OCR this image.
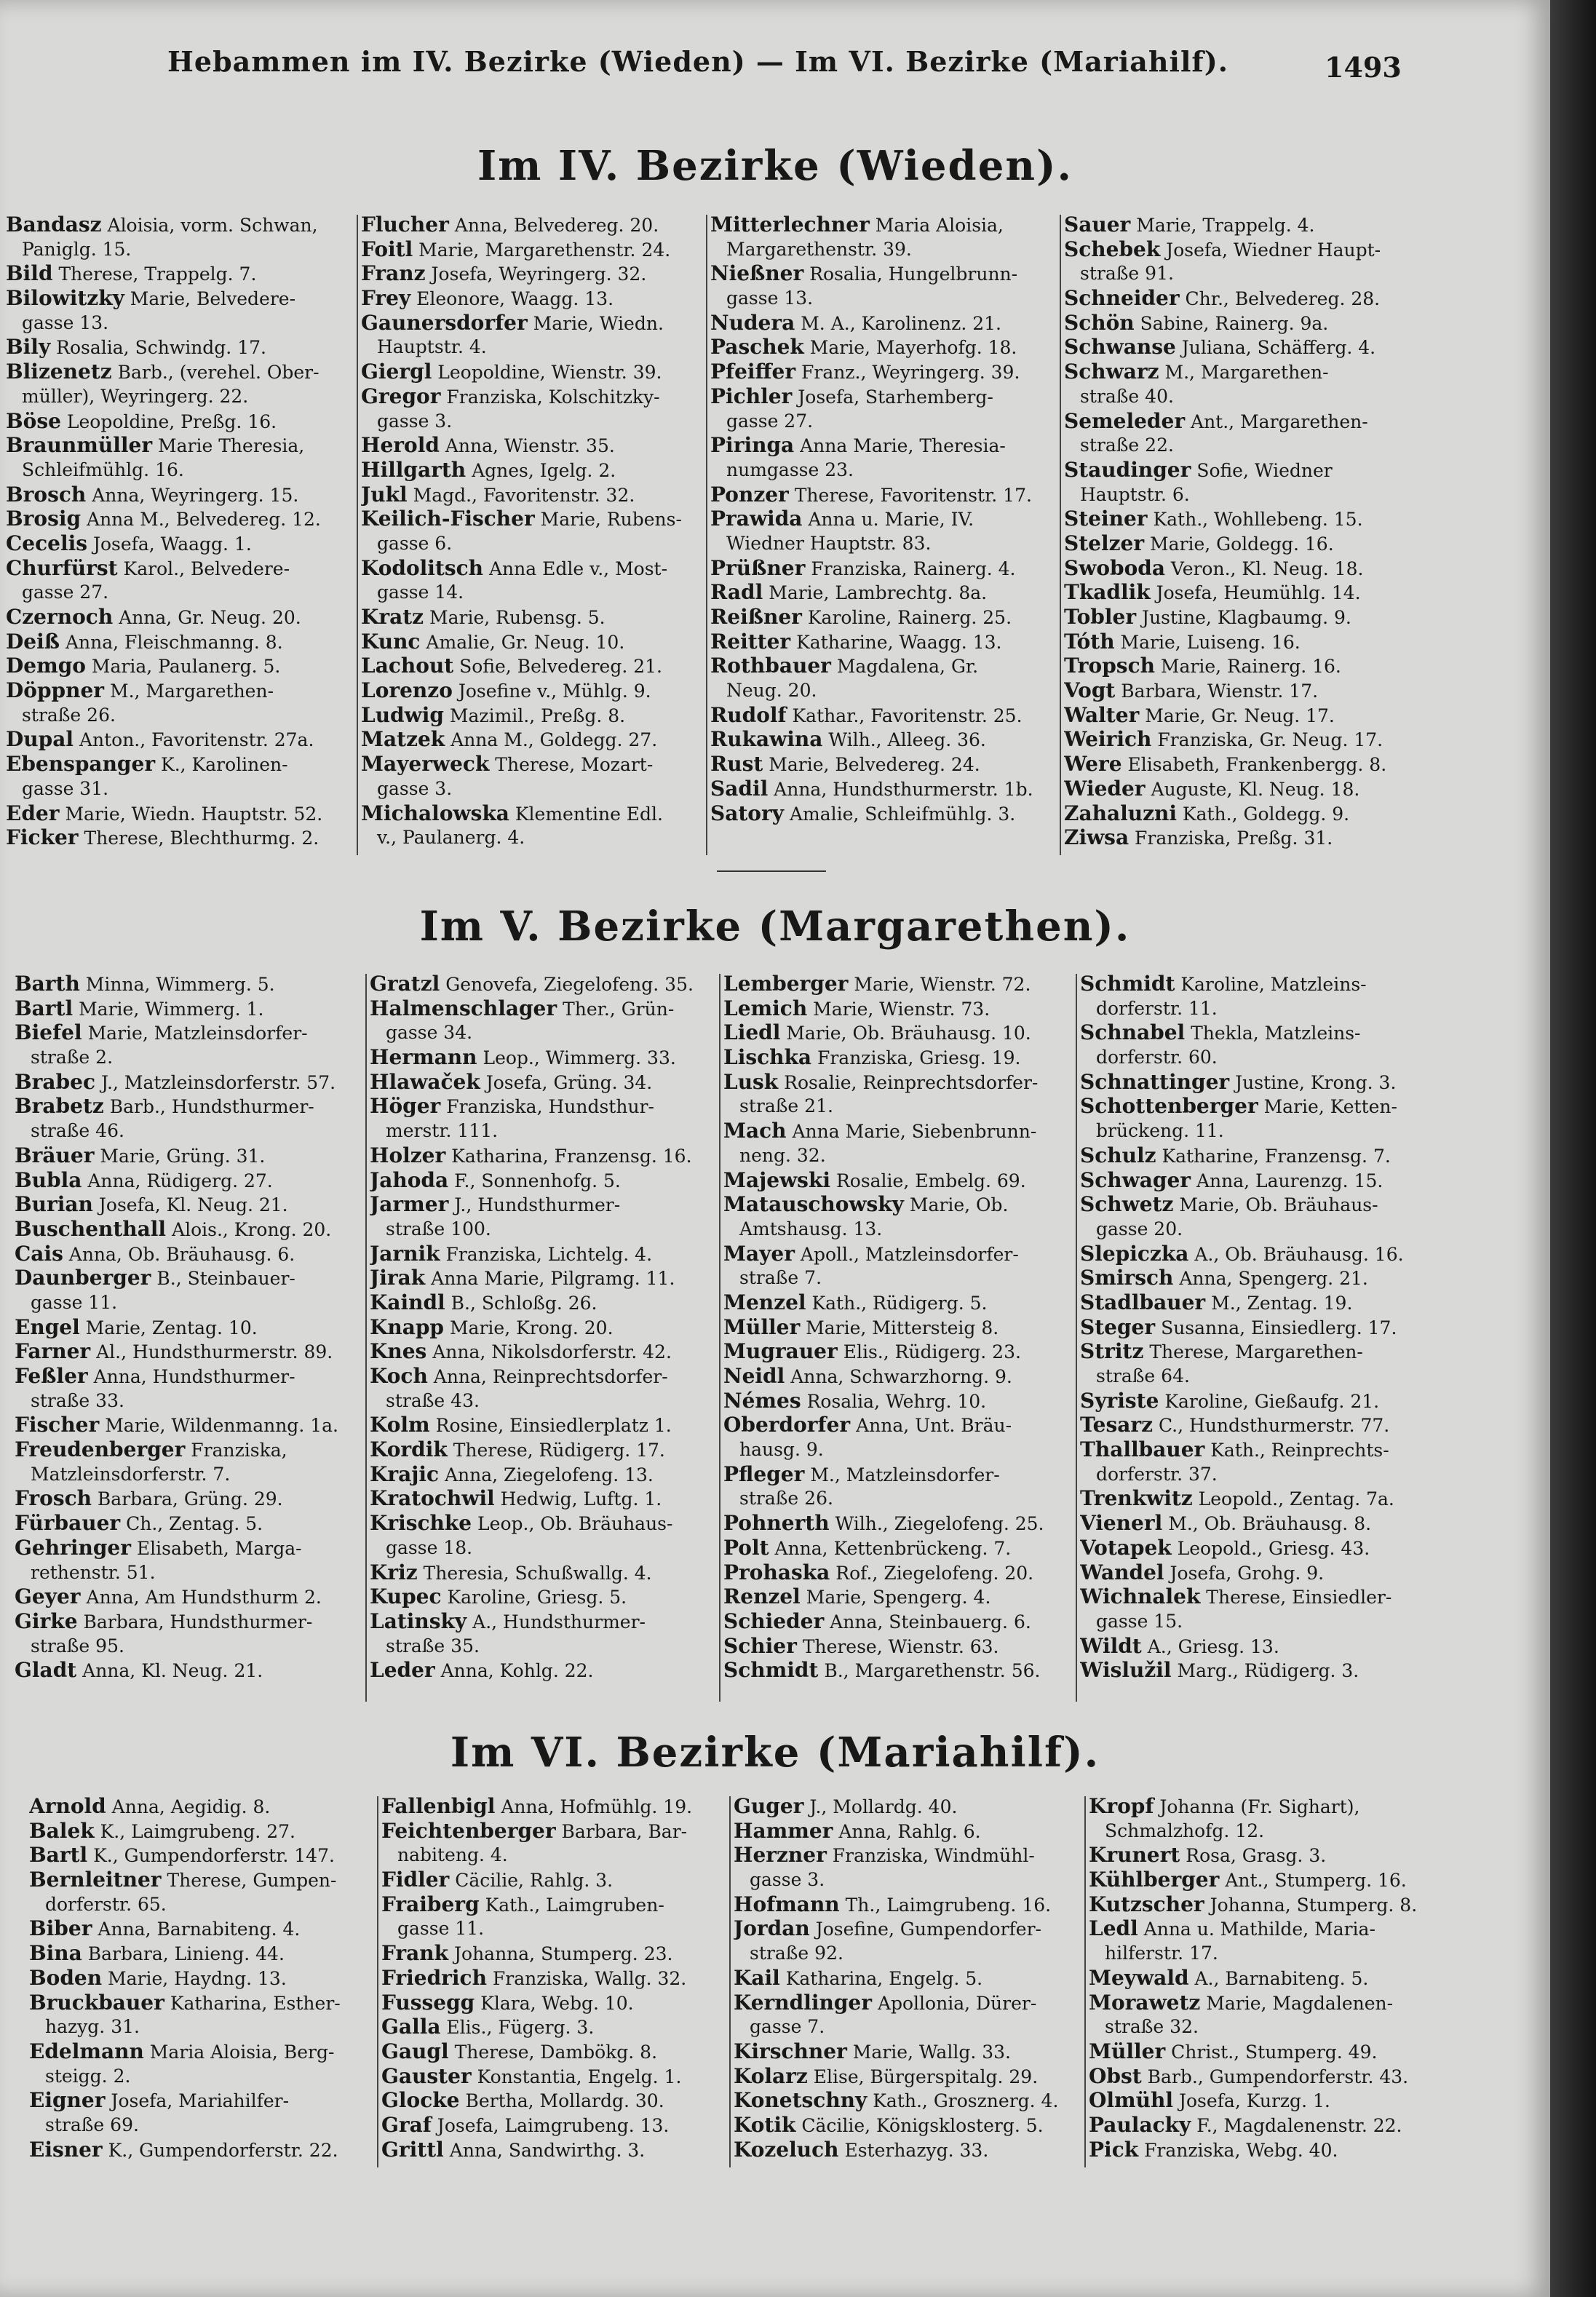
Hebammen im IV. Bezirke (Wieden) — Im VI. Bezirke (Mariahilf).	1493
Im IV. Bezirke (Wieden).
Im V. Bezirke (Margarethen).
Im VI. Bezirke (Mariahilf).
Bandasz Aloisia, vorm. Schwan,
Paniglg. 15.
Bild Therese, Trappelg. 7.
Bilowitzky Marie, Belvedere-
gasse 13.
Bily Rosalia, Schwindg. 17.
Blizenetz Barb., (verehel. Ober-
müller), Weyringerg. 22.
Böse Leopoldine, Preßg. 16.
Braunmüller Marie Theresia,
Schleifmühlg. 16.
Brosch Anna, Weyringerg. 15.
Brosig Anna M., Belvedereg. 12.
Cecelis Josefa, Waagg. 1.
Churfürst Karol., Belvedere-
gasse 27.
Czernoch Anna, Gr. Neug. 20.
Deiß Anna, Fleischmanng. 8.
Demgo Maria, Paulanerg. 5.
Döppner M., Margarethen-
straße 26.
Dupal Anton., Favoritenstr. 27a.
Ebenspanger K., Karolinen-
gasse 31.
Eder Marie, Wiedn. Hauptstr. 52.
Ficker Therese, Blechthurmg. 2.
Flucher Anna, Belvedereg. 20.
Foitl Marie, Margarethenstr. 24.
Franz Josefa, Weyringerg. 32.
Frey Eleonore, Waagg. 13.
Gaunersdorfer Marie, Wiedn.
Hauptstr. 4.
Giergl Leopoldine, Wienstr. 39.
Gregor Franziska, Kolschitzky-
gasse 3.
Herold Anna, Wienstr. 35.
Hillgarth Agnes, Igelg. 2.
Jukl Magd., Favoritenstr. 32.
Keilich-Fischer Marie, Rubens-
gasse 6.
Kodolitsch Anna Edle v., Most-
gasse 14.
Kratz Marie, Rubensg. 5.
Kunc Amalie, Gr. Neug. 10.
Lachout Sofie, Belvedereg. 21.
Lorenzo Josefine v., Mühlg. 9.
Ludwig Mazimil., Preßg. 8.
Matzek Anna M., Goldegg. 27.
Mayerweck Therese, Mozart-
gasse 3.
Michalowska Klementine Edl.
v., Paulanerg. 4.
Mitterlechner Maria Aloisia,
Margarethenstr. 39.
Nießner Rosalia, Hungelbrunn-
gasse 13.
Nudera M. A., Karolinenz. 21.
Paschek Marie, Mayerhofg. 18.
Pfeiffer Franz., Weyringerg. 39.
Pichler Josefa, Starhemberg-
gasse 27.
Piringa Anna Marie, Theresia-
numgasse 23.
Ponzer Therese, Favoritenstr. 17.
Prawida Anna u. Marie, IV.
Wiedner Hauptstr. 83.
Prüßner Franziska, Rainerg. 4.
Radl Marie, Lambrechtg. 8a.
Reißner Karoline, Rainerg. 25.
Reitter Katharine, Waagg. 13.
Rothbauer Magdalena, Gr.
Neug. 20.
Rudolf Kathar., Favoritenstr. 25.
Rukawina Wilh., Alleeg. 36.
Rust Marie, Belvedereg. 24.
Sadil Anna, Hundsthurmerstr. 1b.
Satory Amalie, Schleifmühlg. 3.
Sauer Marie, Trappelg. 4.
Schebek Josefa, Wiedner Haupt-
straße 91.
Schneider Chr., Belvedereg. 28.
Schön Sabine, Rainerg. 9a.
Schwanse Juliana, Schäfferg. 4.
Schwarz M., Margarethen-
straße 40.
Semeleder Ant., Margarethen-
straße 22.
Staudinger Sofie, Wiedner
Hauptstr. 6.
Steiner Kath., Wohllebeng. 15.
Stelzer Marie, Goldegg. 16.
Swoboda Veron., Kl. Neug. 18.
Tkadlik Josefa, Heumühlg. 14.
Tobler Justine, Klagbaumg. 9.
Tóth Marie, Luiseng. 16.
Tropsch Marie, Rainerg. 16.
Vogt Barbara, Wienstr. 17.
Walter Marie, Gr. Neug. 17.
Weirich Franziska, Gr. Neug. 17.
Were Elisabeth, Frankenbergg. 8.
Wieder Auguste, Kl. Neug. 18.
Zahaluzni Kath., Goldegg. 9.
Ziwsa Franziska, Preßg. 31.
Barth Minna, Wimmerg. 5.
Bartl Marie, Wimmerg. 1.
Biefel Marie, Matzleinsdorfer-
straße 2.
Brabec J., Matzleinsdorferstr. 57.
Brabetz Barb., Hundsthurmer-
straße 46.
Bräuer Marie, Grüng. 31.
Bubla Anna, Rüdigerg. 27.
Burian Josefa, Kl. Neug. 21.
Buschenthall Alois., Krong. 20.
Cais Anna, Ob. Bräuhausg. 6.
Daunberger B., Steinbauer-
gasse 11.
Engel Marie, Zentag. 10.
Farner Al., Hundsthurmerstr. 89.
Feßler Anna, Hundsthurmer-
straße 33.
Fischer Marie, Wildenmanng. 1a.
Freudenberger Franziska,
Matzleinsdorferstr. 7.
Frosch Barbara, Grüng. 29.
Fürbauer Ch., Zentag. 5.
Gehringer Elisabeth, Marga-
rethenstr. 51.
Geyer Anna, Am Hundsthurm 2.
Girke Barbara, Hundsthurmer-
straße 95.
Gladt Anna, Kl. Neug. 21.
Gratzl Genovefa, Ziegelofeng. 35.
Halmenschlager Ther., Grün-
gasse 34.
Hermann Leop., Wimmerg. 33.
Hlawaček Josefa, Grüng. 34.
Höger Franziska, Hundsthur-
merstr. 111.
Holzer Katharina, Franzensg. 16.
Jahoda F., Sonnenhofg. 5.
Jarmer J., Hundsthurmer-
straße 100.
Jarnik Franziska, Lichtelg. 4.
Jirak Anna Marie, Pilgramg. 11.
Kaindl B., Schloßg. 26.
Knapp Marie, Krong. 20.
Knes Anna, Nikolsdorferstr. 42.
Koch Anna, Reinprechtsdorfer-
straße 43.
Kolm Rosine, Einsiedlerplatz 1.
Kordik Therese, Rüdigerg. 17.
Krajic Anna, Ziegelofeng. 13.
Kratochwil Hedwig, Luftg. 1.
Krischke Leop., Ob. Bräuhaus-
gasse 18.
Kriz Theresia, Schußwallg. 4.
Kupec Karoline, Griesg. 5.
Latinsky A., Hundsthurmer-
straße 35.
Leder Anna, Kohlg. 22.
Lemberger Marie, Wienstr. 72.
Lemich Marie, Wienstr. 73.
Liedl Marie, Ob. Bräuhausg. 10.
Lischka Franziska, Griesg. 19.
Lusk Rosalie, Reinprechtsdorfer-
straße 21.
Mach Anna Marie, Siebenbrunn-
neng. 32.
Majewski Rosalie, Embelg. 69.
Matauschowsky Marie, Ob.
Amtshausg. 13.
Mayer Apoll., Matzleinsdorfer-
straße 7.
Menzel Kath., Rüdigerg. 5.
Müller Marie, Mittersteig 8.
Mugrauer Elis., Rüdigerg. 23.
Neidl Anna, Schwarzhorng. 9.
Némes Rosalia, Wehrg. 10.
Oberdorfer Anna, Unt. Bräu-
hausg. 9.
Pfleger M., Matzleinsdorfer-
straße 26.
Pohnerth Wilh., Ziegelofeng. 25.
Polt Anna, Kettenbrückeng. 7.
Prohaska Rof., Ziegelofeng. 20.
Renzel Marie, Spengerg. 4.
Schieder Anna, Steinbauerg. 6.
Schier Therese, Wienstr. 63.
Schmidt B., Margarethenstr. 56.
Schmidt Karoline, Matzleins-
dorferstr. 11.
Schnabel Thekla, Matzleins-
dorferstr. 60.
Schnattinger Justine, Krong. 3.
Schottenberger Marie, Ketten-
brückeng. 11.
Schulz Katharine, Franzensg. 7.
Schwager Anna, Laurenzg. 15.
Schwetz Marie, Ob. Bräuhaus-
gasse 20.
Slepiczka A., Ob. Bräuhausg. 16.
Smirsch Anna, Spengerg. 21.
Stadlbauer M., Zentag. 19.
Steger Susanna, Einsiedlerg. 17.
Stritz Therese, Margarethen-
straße 64.
Syriste Karoline, Gießaufg. 21.
Tesarz C., Hundsthurmerstr. 77.
Thallbauer Kath., Reinprechts-
dorferstr. 37.
Trenkwitz Leopold., Zentag. 7a.
Vienerl M., Ob. Bräuhausg. 8.
Votapek Leopold., Griesg. 43.
Wandel Josefa, Grohg. 9.
Wichnalek Therese, Einsiedler-
gasse 15.
Wildt A., Griesg. 13.
Wislužil Marg., Rüdigerg. 3.
Arnold Anna, Aegidig. 8.
Balek K., Laimgrubeng. 27.
Bartl K., Gumpendorferstr. 147.
Bernleitner Therese, Gumpen-
dorferstr. 65.
Biber Anna, Barnabiteng. 4.
Bina Barbara, Linieng. 44.
Boden Marie, Haydng. 13.
Bruckbauer Katharina, Esther-
hazyg. 31.
Edelmann Maria Aloisia, Berg-
steigg. 2.
Eigner Josefa, Mariahilfer-
straße 69.
Eisner K., Gumpendorferstr. 22.
Fallenbigl Anna, Hofmühlg. 19.
Feichtenberger Barbara, Bar-
nabiteng. 4.
Fidler Cäcilie, Rahlg. 3.
Fraiberg Kath., Laimgruben-
gasse 11.
Frank Johanna, Stumperg. 23.
Friedrich Franziska, Wallg. 32.
Fussegg Klara, Webg. 10.
Galla Elis., Fügerg. 3.
Gaugl Therese, Dambökg. 8.
Gauster Konstantia, Engelg. 1.
Glocke Bertha, Mollardg. 30.
Graf Josefa, Laimgrubeng. 13.
Grittl Anna, Sandwirthg. 3.
Guger J., Mollardg. 40.
Hammer Anna, Rahlg. 6.
Herzner Franziska, Windmühl-
gasse 3.
Hofmann Th., Laimgrubeng. 16.
Jordan Josefine, Gumpendorfer-
straße 92.
Kail Katharina, Engelg. 5.
Kerndlinger Apollonia, Dürer-
gasse 7.
Kirschner Marie, Wallg. 33.
Kolarz Elise, Bürgerspitalg. 29.
Konetschny Kath., Grosznerg. 4.
Kotik Cäcilie, Königsklosterg. 5.
Kozeluch Esterhazyg. 33.
Kropf Johanna (Fr. Sighart),
Schmalzhofg. 12.
Krunert Rosa, Grasg. 3.
Kühlberger Ant., Stumperg. 16.
Kutzscher Johanna, Stumperg. 8.
Ledl Anna u. Mathilde, Maria-
hilferstr. 17.
Meywald A., Barnabiteng. 5.
Morawetz Marie, Magdalenen-
straße 32.
Müller Christ., Stumperg. 49.
Obst Barb., Gumpendorferstr. 43.
Olmühl Josefa, Kurzg. 1.
Paulacky F., Magdalenenstr. 22.
Pick Franziska, Webg. 40.
